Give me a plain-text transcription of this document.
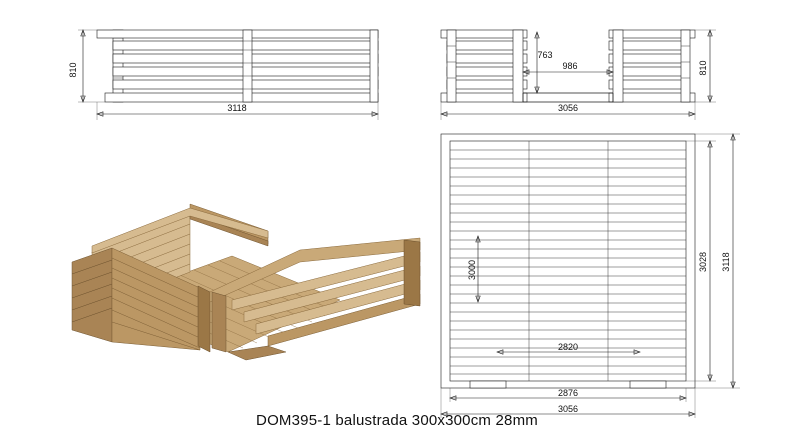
810
3118
763
986	810
3056
3000	3028 3118
2820
2876
3056
DOM395-1 balustrada 300x300cm 28mm
